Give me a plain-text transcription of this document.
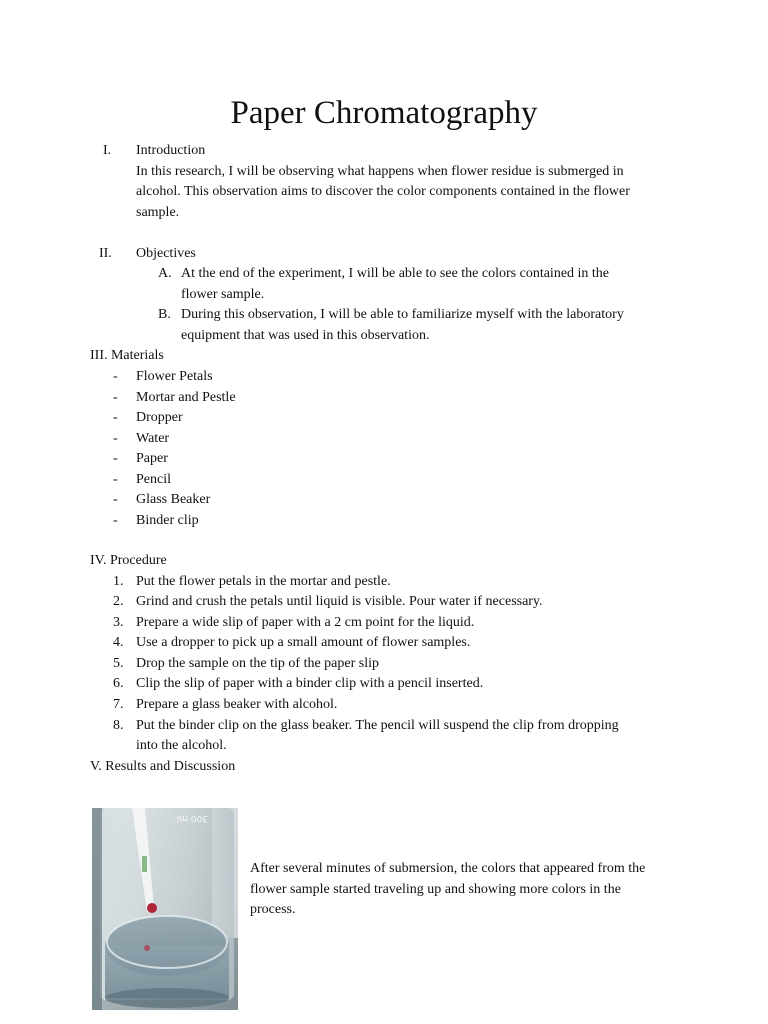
Paper Chromatography
I. Introduction
In this research, I will be observing what happens when flower residue is submerged in
alcohol. This observation aims to discover the color components contained in the flower
sample.
II. Objectives
A. At the end of the experiment, I will be able to see the colors contained in the
flower sample.
B. During this observation, I will be able to familiarize myself with the laboratory
equipment that was used in this observation.
III. Materials
- Flower Petals
- Mortar and Pestle
- Dropper
- Water
- Paper
- Pencil
- Glass Beaker
- Binder clip
IV. Procedure
1. Put the flower petals in the mortar and pestle.
2. Grind and crush the petals until liquid is visible. Pour water if necessary.
3. Prepare a wide slip of paper with a 2 cm point for the liquid.
4. Use a dropper to pick up a small amount of flower samples.
5. Drop the sample on the tip of the paper slip
6. Clip the slip of paper with a binder clip with a pencil inserted.
7. Prepare a glass beaker with alcohol.
8. Put the binder clip on the glass beaker. The pencil will suspend the clip from dropping
into the alcohol.
V. Results and Discussion
300 ml
After several minutes of submersion, the colors that appeared from the
flower sample started traveling up and showing more colors in the
process.
